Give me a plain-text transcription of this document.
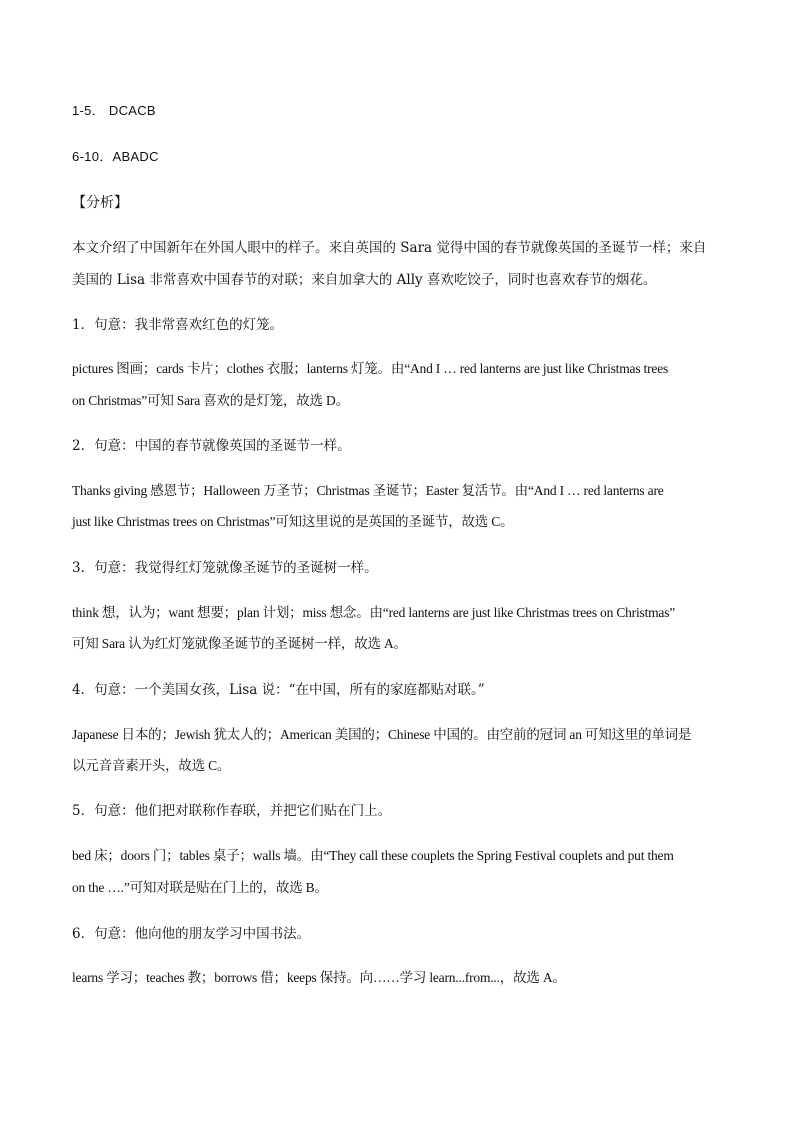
1-5． DCACB
6-10．ABADC
【分析】
本文介绍了中国新年在外国人眼中的样子。来自英国的 Sara 觉得中国的春节就像英国的圣诞节一样；来自
美国的 Lisa 非常喜欢中国春节的对联；来自加拿大的 Ally 喜欢吃饺子，同时也喜欢春节的烟花。
1．句意：我非常喜欢红色的灯笼。
pictures 图画；cards 卡片；clothes 衣服；lanterns 灯笼。由“And I … red lanterns are just like Christmas trees
on Christmas”可知 Sara 喜欢的是灯笼，故选 D。
2．句意：中国的春节就像英国的圣诞节一样。
Thanks giving 感恩节；Halloween 万圣节；Christmas 圣诞节；Easter 复活节。由“And I … red lanterns are
just like Christmas trees on Christmas”可知这里说的是英国的圣诞节，故选 C。
3．句意：我觉得红灯笼就像圣诞节的圣诞树一样。
think 想，认为；want 想要；plan 计划；miss 想念。由“red lanterns are just like Christmas trees on Christmas”
可知 Sara 认为红灯笼就像圣诞节的圣诞树一样，故选 A。
4．句意：一个美国女孩，Lisa 说：“在中国，所有的家庭都贴对联。”
Japanese 日本的；Jewish 犹太人的；American 美国的；Chinese 中国的。由空前的冠词 an 可知这里的单词是
以元音音素开头，故选 C。
5．句意：他们把对联称作春联，并把它们贴在门上。
bed 床；doors 门；tables 桌子；walls 墙。由“They call these couplets the Spring Festival couplets and put them
on the ….”可知对联是贴在门上的，故选 B。
6．句意：他向他的朋友学习中国书法。
learns 学习；teaches 教；borrows 借；keeps 保持。向……学习 learn...from...，故选 A。
